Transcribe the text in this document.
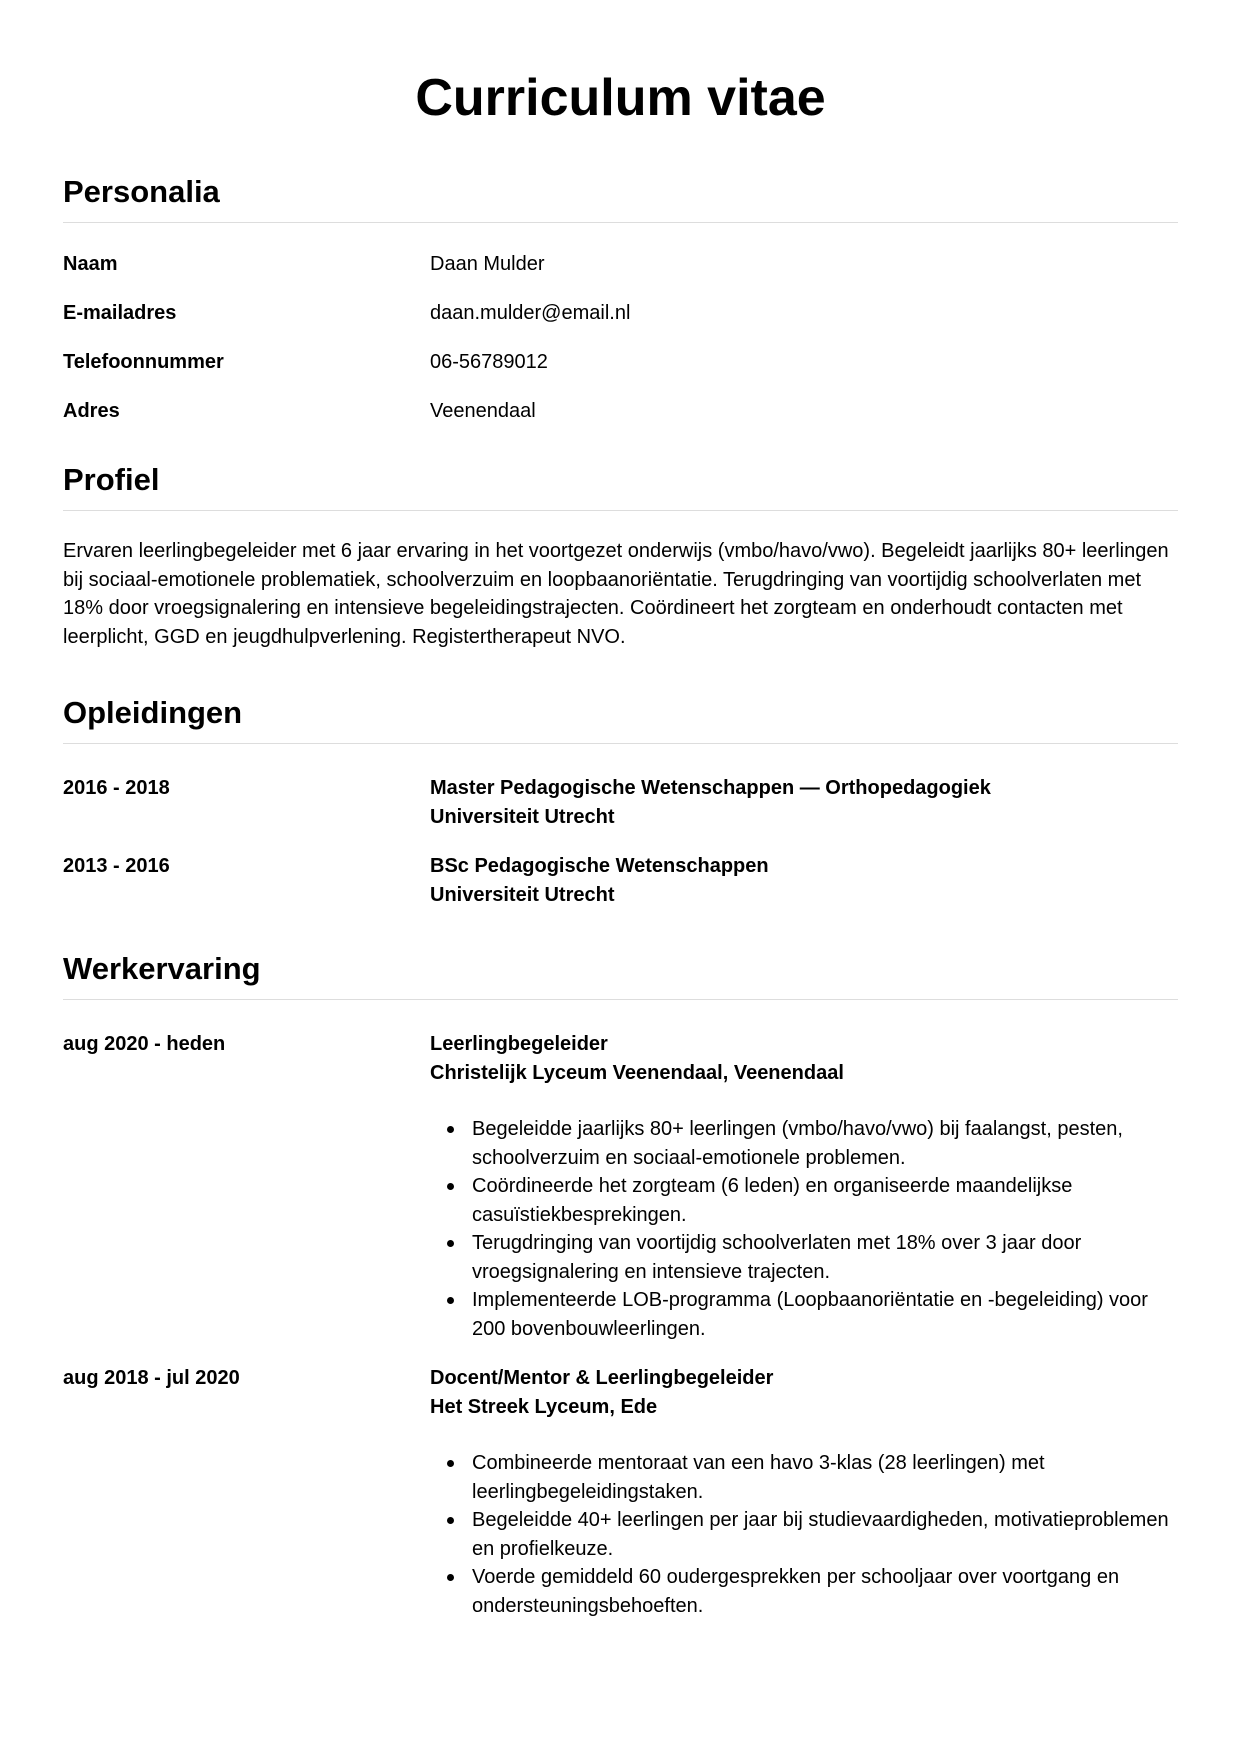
Curriculum vitae
Personalia
Naam	Daan Mulder
E-mailadres	daan.mulder@email.nl
Telefoonnummer	06-56789012
Adres	Veenendaal
Profiel

Ervaren leerlingbegeleider met 6 jaar ervaring in het voortgezet onderwijs (vmbo/havo/vwo). Begeleidt jaarlijks 80+ leerlingen bij sociaal-emotionele problematiek, schoolverzuim en loopbaanoriëntatie. Terugdringing van voortijdig schoolverlaten met 18% door vroegsignalering en intensieve begeleidingstrajecten. Coördineert het zorgteam en onderhoudt contacten met leerplicht, GGD en jeugdhulpverlening. Registertherapeut NVO.

Opleidingen
2016 - 2018	Master Pedagogische Wetenschappen — Orthopedagogiek
Universiteit Utrecht
2013 - 2016	BSc Pedagogische Wetenschappen
Universiteit Utrecht
Werkervaring
aug 2020 - heden	Leerlingbegeleider
Christelijk Lyceum Veenendaal, Veenendaal
Begeleidde jaarlijks 80+ leerlingen (vmbo/havo/vwo) bij faalangst, pesten, schoolverzuim en sociaal-emotionele problemen.
Coördineerde het zorgteam (6 leden) en organiseerde maandelijkse casuïstiekbesprekingen.
Terugdringing van voortijdig schoolverlaten met 18% over 3 jaar door vroegsignalering en intensieve trajecten.
Implementeerde LOB-programma (Loopbaanoriëntatie en -begeleiding) voor 200 bovenbouwleerlingen.
aug 2018 - jul 2020	Docent/Mentor & Leerlingbegeleider
Het Streek Lyceum, Ede
Combineerde mentoraat van een havo 3-klas (28 leerlingen) met leerlingbegeleidingstaken.
Begeleidde 40+ leerlingen per jaar bij studievaardigheden, motivatieproblemen en profielkeuze.
Voerde gemiddeld 60 oudergesprekken per schooljaar over voortgang en ondersteuningsbehoeften.
